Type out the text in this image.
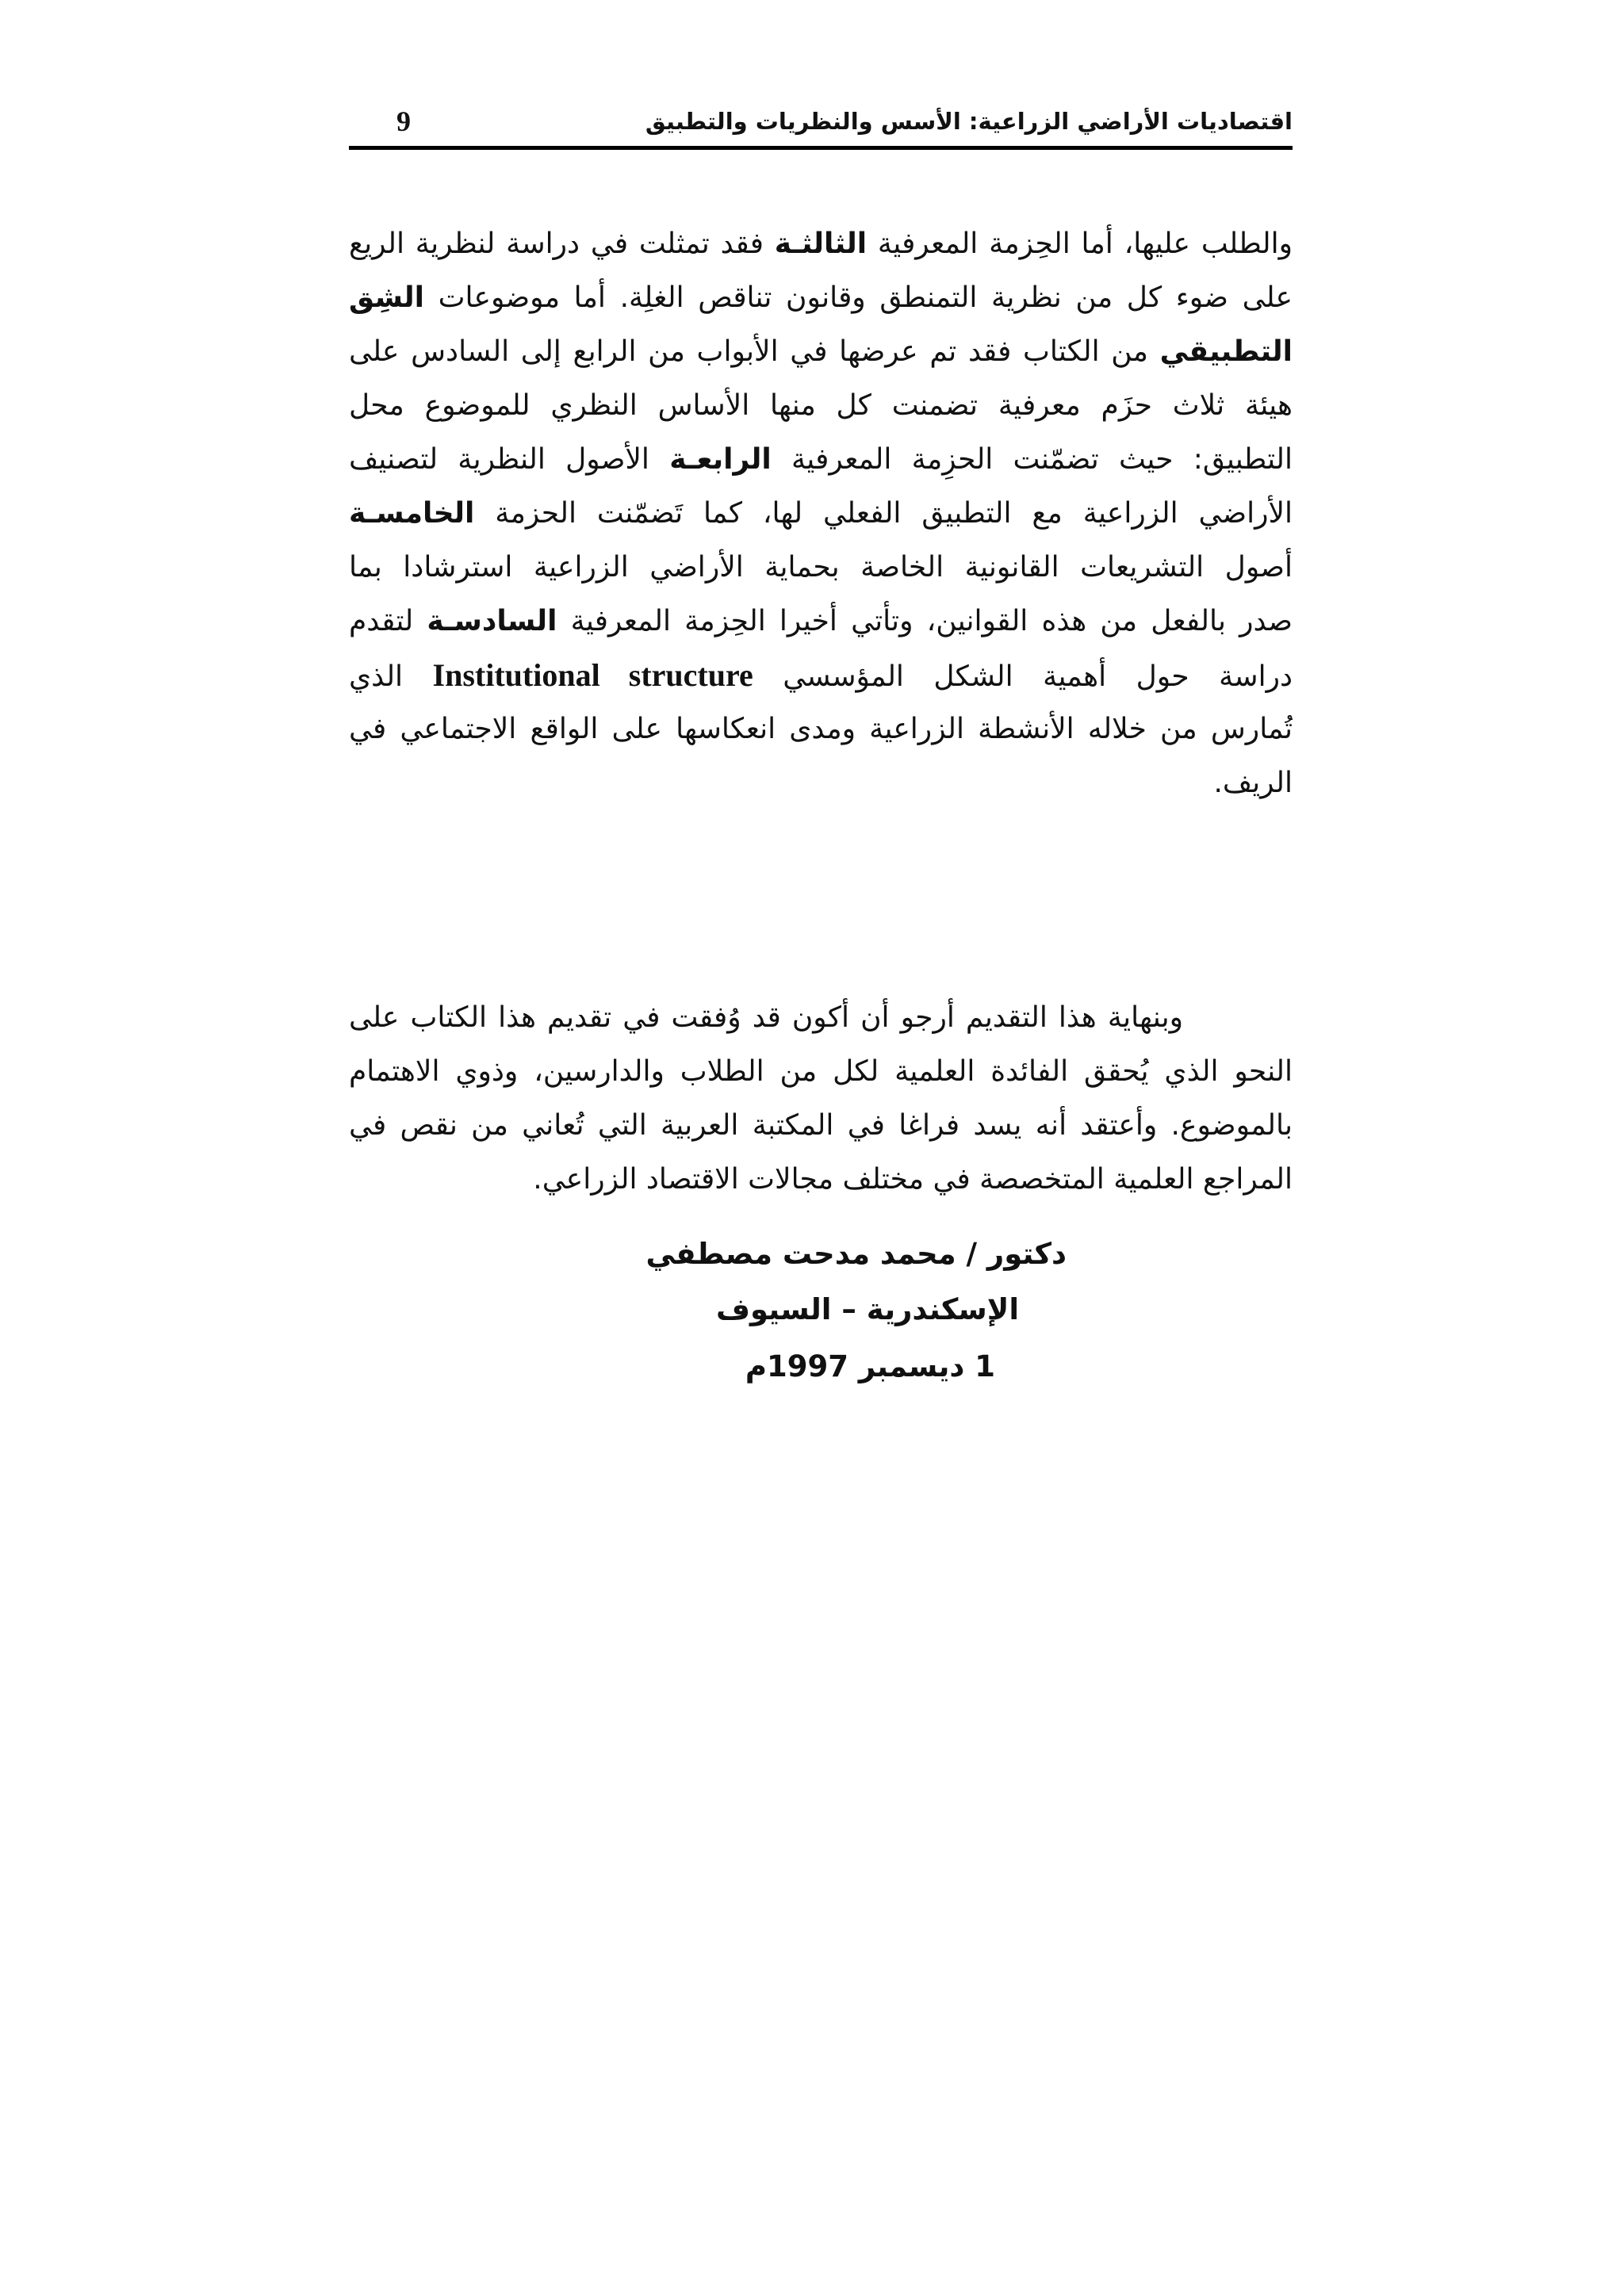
9	اقتصاديات الأراضي الزراعية: الأسس والنظريات والتطبيق
والطلب عليها، أما الحِزمة المعرفية الثالثـة فقد تمثلت في دراسة لنظرية الريع
على ضوء كل من نظرية التمنطق وقانون تناقص الغلِة. أما موضوعات الشِق
التطبيقي من الكتاب فقد تم عرضها في الأبواب من الرابع إلى السادس على
هيئة ثلاث حزَم معرفية تضمنت كل منها الأساس النظري للموضوع محل
التطبيق: حيث تضمّنت الحزِمة المعرفية الرابعـة الأصول النظرية لتصنيف
الأراضي الزراعية مع التطبيق الفعلي لها، كما تَضمّنت الحزمة الخامسـة
أصول التشريعات القانونية الخاصة بحماية الأراضي الزراعية استرشادا بما
صدر بالفعل من هذه القوانين، وتأتي أخيرا الحِزمة المعرفية السادسـة لتقدم
دراسة حول أهمية الشكل المؤسسي Institutional structure الذي
تُمارس من خلاله الأنشطة الزراعية ومدى انعكاسها على الواقع الاجتماعي في
الريف.
وبنهاية هذا التقديم أرجو أن أكون قد وُفقت في تقديم هذا الكتاب على
النحو الذي يُحقق الفائدة العلمية لكل من الطلاب والدارسين، وذوي الاهتمام
بالموضوع. وأعتقد أنه يسد فراغا في المكتبة العربية التي تُعاني من نقص في
المراجع العلمية المتخصصة في مختلف مجالات الاقتصاد الزراعي.
دكتور / محمد مدحت مصطفي
الإسكندرية – السيوف
1 ديسمبر 1997م
